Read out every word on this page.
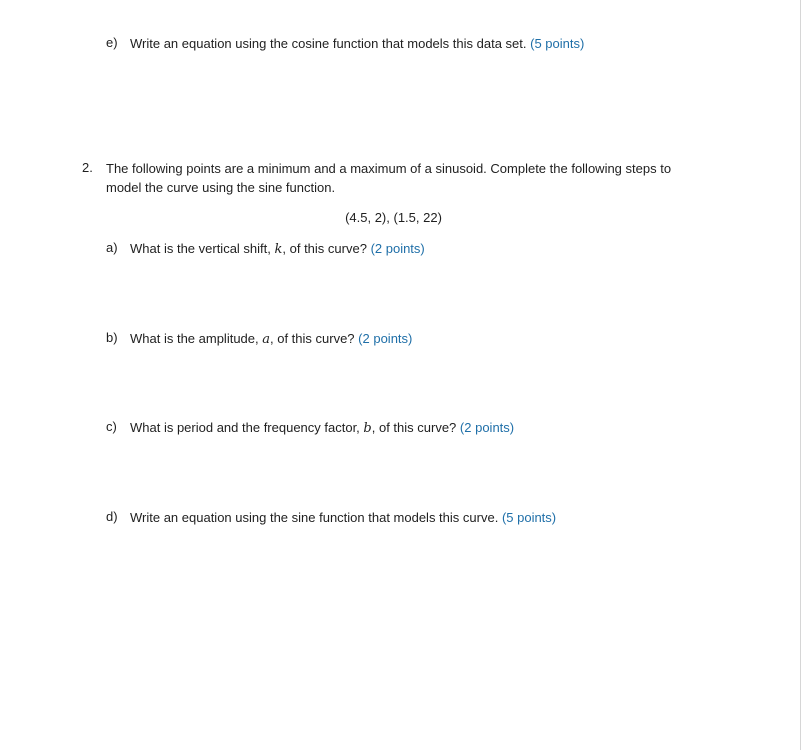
e) Write an equation using the cosine function that models this data set. (5 points)
2. The following points are a minimum and a maximum of a sinusoid. Complete the following steps to
model the curve using the sine function.
(4.5, 2), (1.5, 22)
a) What is the vertical shift, k, of this curve? (2 points)
b) What is the amplitude, a, of this curve? (2 points)
c) What is period and the frequency factor, b, of this curve? (2 points)
d) Write an equation using the sine function that models this curve. (5 points)
